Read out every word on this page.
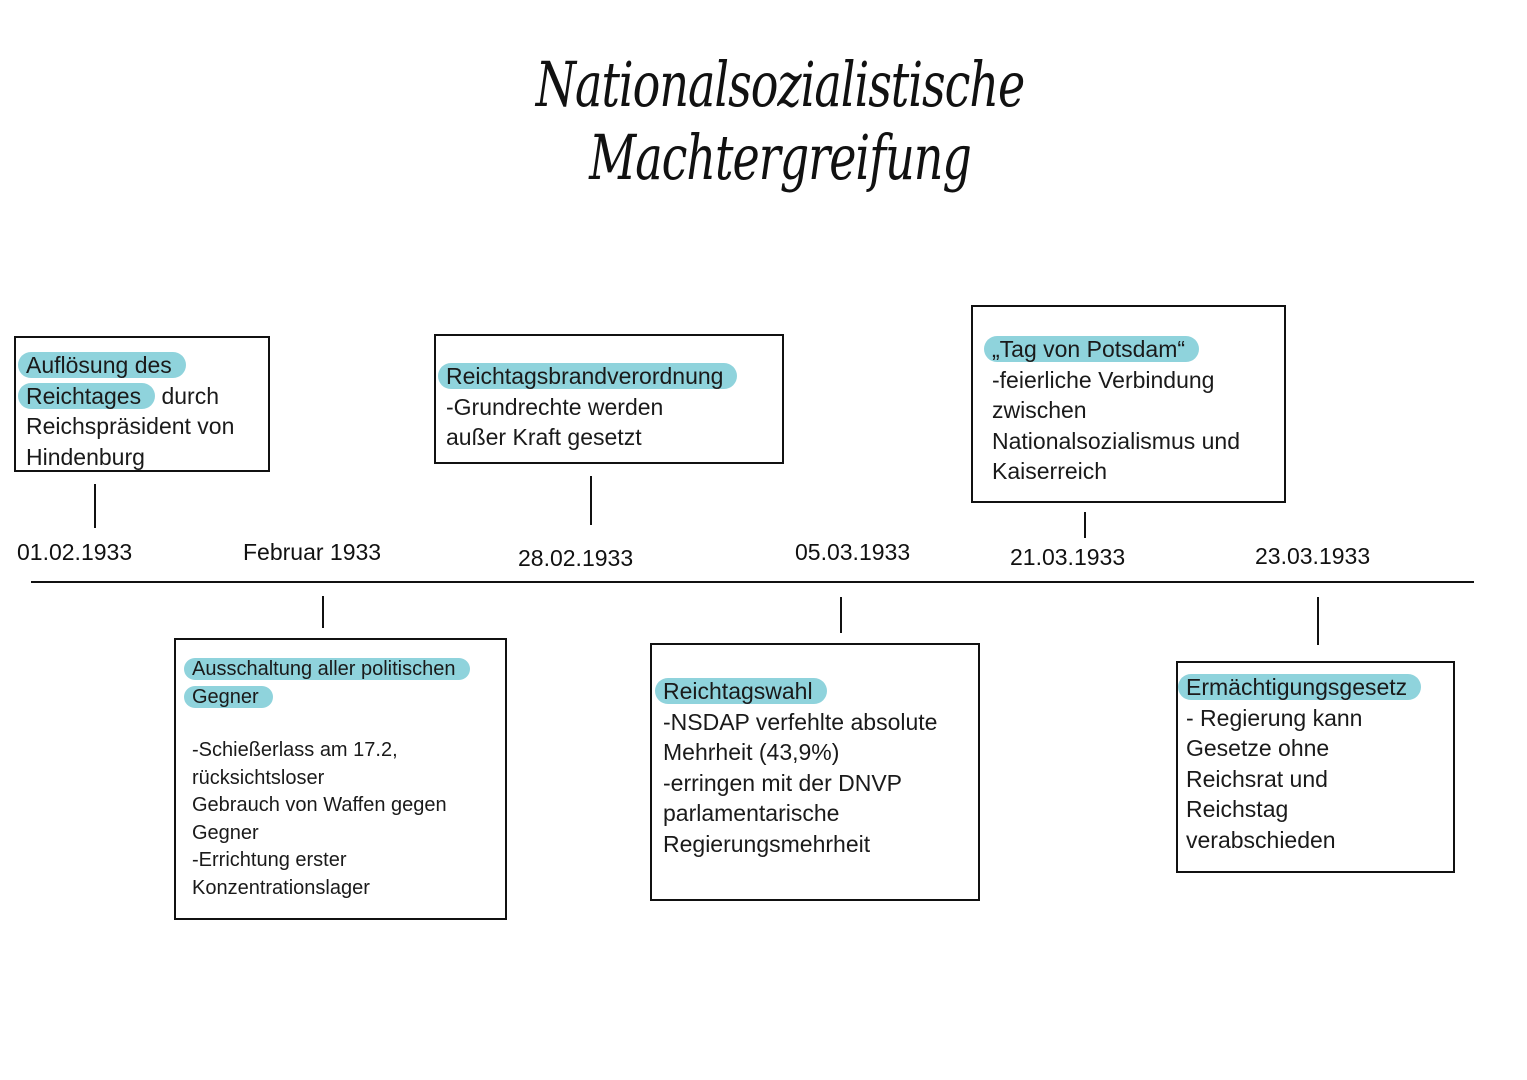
Nationalsozialistische Machtergreifung
01.02.1933	Februar 1933	28.02.1933	05.03.1933	21.03.1933	23.03.1933
Auflösung des
Reichtages durch
Reichspräsident von
Hindenburg
Ausschaltung aller politischen
Gegner
-Schießerlass am 17.2,
rücksichtsloser
Gebrauch von Waffen gegen
Gegner
-Errichtung erster
Konzentrationslager
Reichtagsbrandverordnung
-Grundrechte werden
außer Kraft gesetzt
Reichtagswahl
-NSDAP verfehlte absolute
Mehrheit (43,9%)
-erringen mit der DNVP
parlamentarische
Regierungsmehrheit
„Tag von Potsdam“
-feierliche Verbindung
zwischen
Nationalsozialismus und
Kaiserreich
Ermächtigungsgesetz
- Regierung kann
Gesetze ohne
Reichsrat und
Reichstag
verabschieden
